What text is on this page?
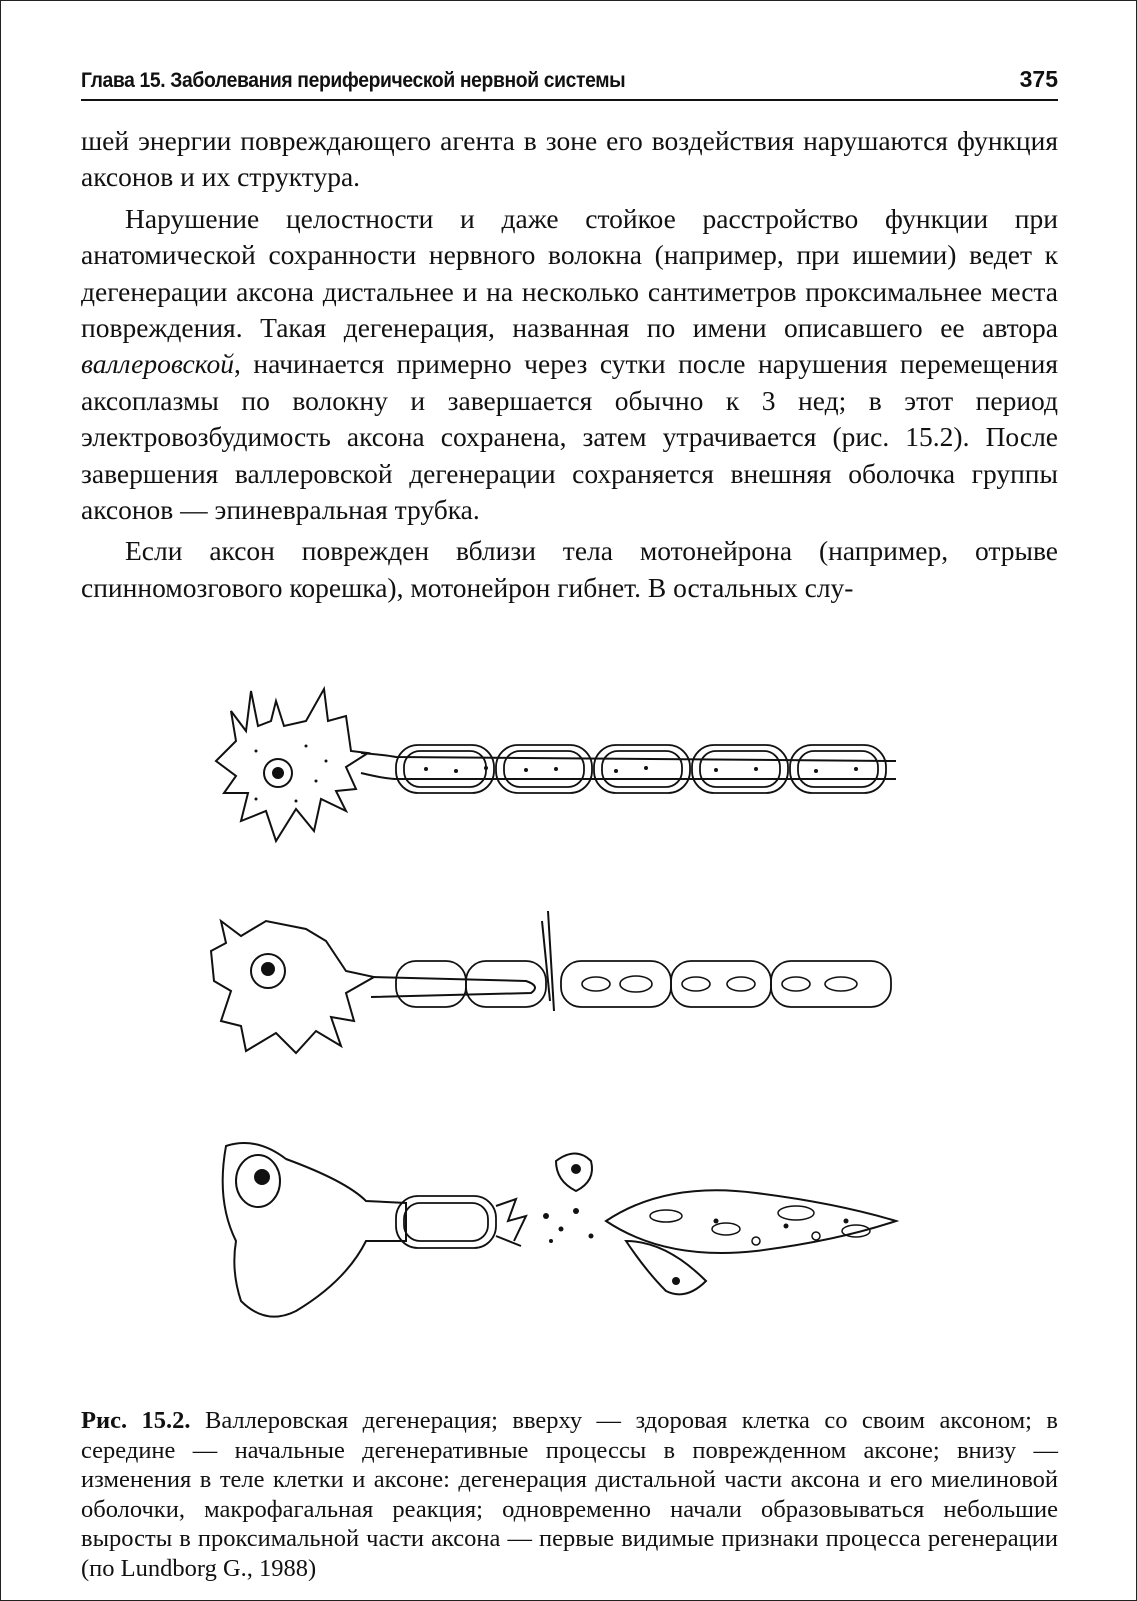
Глава 15. Заболевания периферической нервной системы	375

шей энергии повреждающего агента в зоне его воздействия нарушаются функция аксонов и их структура.

Нарушение целостности и даже стойкое расстройство функции при анатомической сохранности нервного волокна (например, при ишемии) ведет к дегенерации аксона дистальнее и на несколько сантиметров проксимальнее места повреждения. Такая дегенерация, названная по имени описавшего ее автора валлеровской, начинается примерно через сутки после нарушения перемещения аксоплазмы по волокну и завершается обычно к 3 нед; в этот период электровозбудимость аксона сохранена, затем утрачивается (рис. 15.2). После завершения валлеровской дегенерации сохраняется внешняя оболочка группы аксонов — эпиневральная трубка.

Если аксон поврежден вблизи тела мотонейрона (например, отрыве спинномозгового корешка), мотонейрон гибнет. В остальных слу-

Рис. 15.2. Валлеровская дегенерация; вверху — здоровая клетка со своим аксоном; в середине — начальные дегенеративные процессы в поврежденном аксоне; внизу — изменения в теле клетки и аксоне: дегенерация дистальной части аксона и его миелиновой оболочки, макрофагальная реакция; одновременно начали образовываться небольшие выросты в проксимальной части аксона — первые видимые признаки процесса регенерации (по Lundborg G., 1988)
